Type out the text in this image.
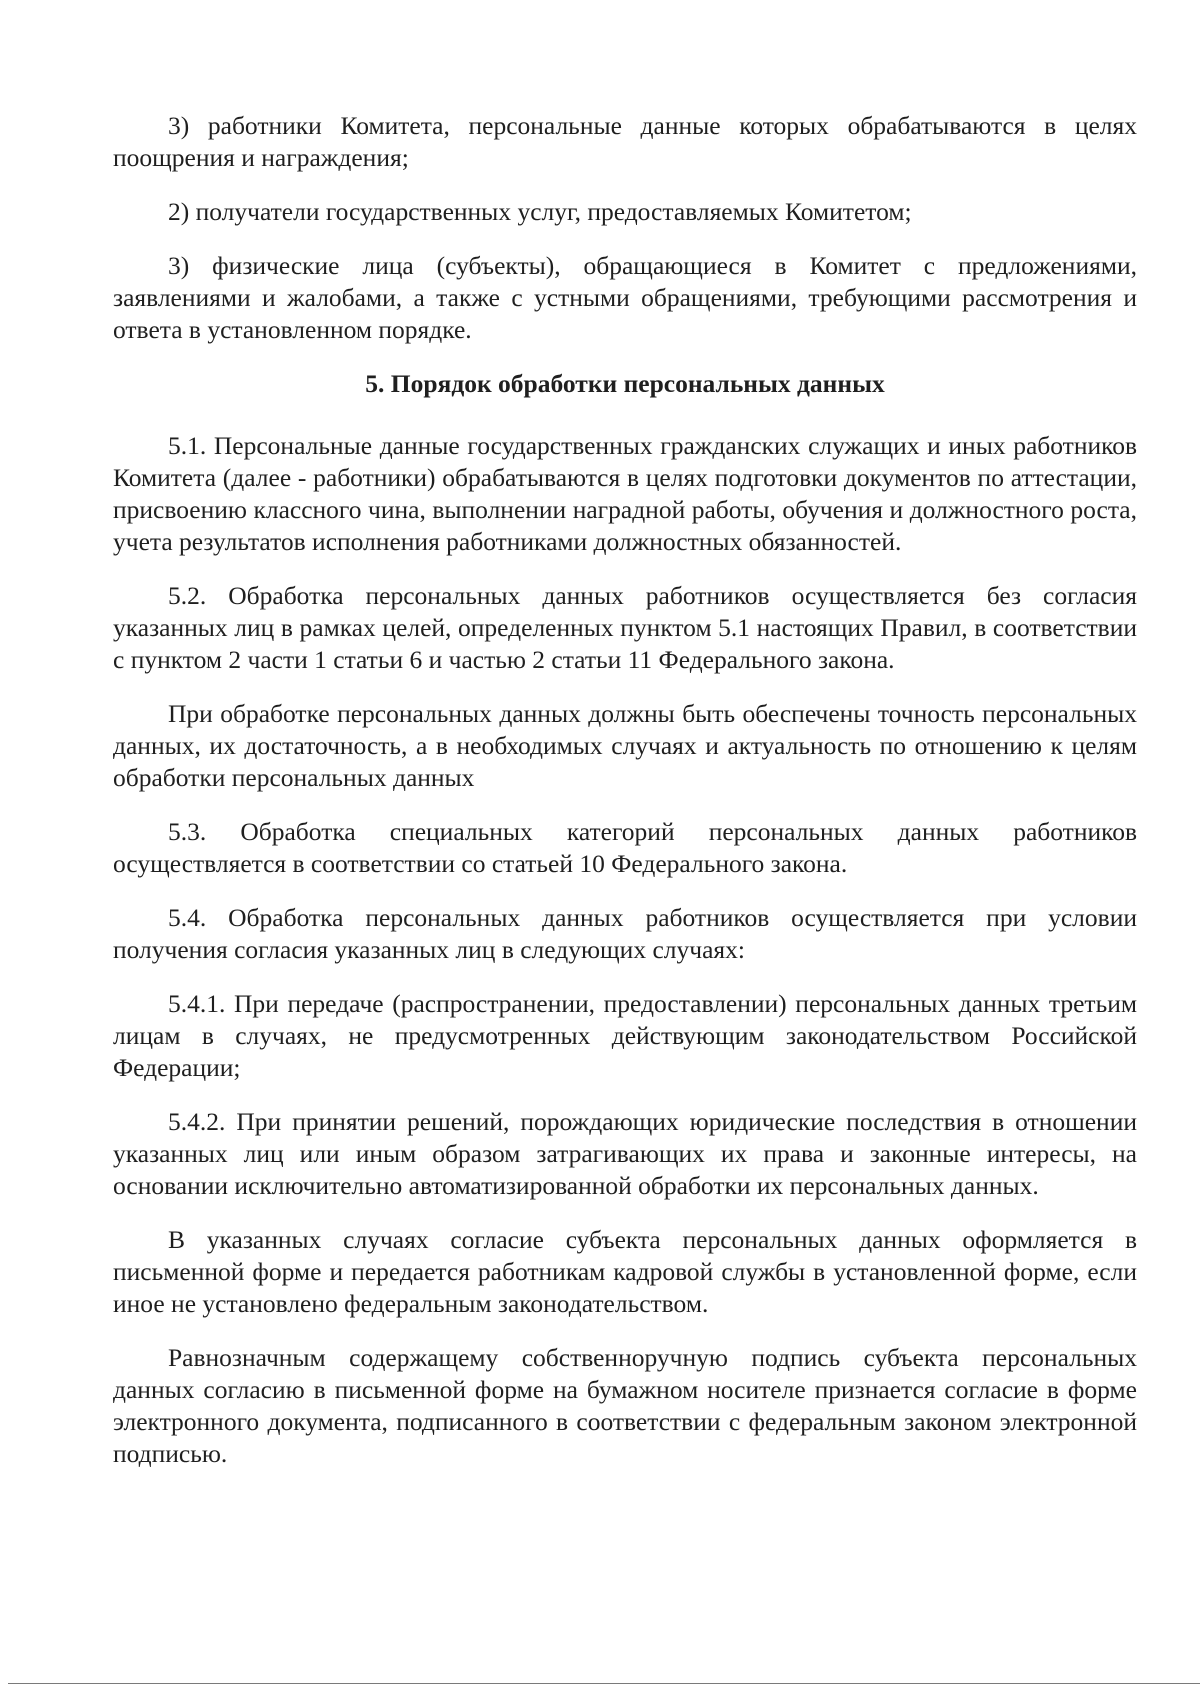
3) работники Комитета, персональные данные которых обрабатываются в целях поощрения и награждения;

2) получатели государственных услуг, предоставляемых Комитетом;

3) физические лица (субъекты), обращающиеся в Комитет с предложениями, заявлениями и жалобами, а также с устными обращениями, требующими рассмотрения и ответа в установленном порядке.

5. Порядок обработки персональных данных

5.1. Персональные данные государственных гражданских служащих и иных работников Комитета (далее - работники) обрабатываются в целях подготовки документов по аттестации, присвоению классного чина, выполнении наградной работы, обучения и должностного роста, учета результатов исполнения работниками должностных обязанностей.

5.2. Обработка персональных данных работников осуществляется без согласия указанных лиц в рамках целей, определенных пунктом 5.1 настоящих Правил, в соответствии с пунктом 2 части 1 статьи 6 и частью 2 статьи 11 Федерального закона.

При обработке персональных данных должны быть обеспечены точность персональных данных, их достаточность, а в необходимых случаях и актуальность по отношению к целям обработки персональных данных

5.3. Обработка специальных категорий персональных данных работников осуществляется в соответствии со статьей 10 Федерального закона.

5.4. Обработка персональных данных работников осуществляется при условии получения согласия указанных лиц в следующих случаях:

5.4.1. При передаче (распространении, предоставлении) персональных данных третьим лицам в случаях, не предусмотренных действующим законодательством Российской Федерации;

5.4.2. При принятии решений, порождающих юридические последствия в отношении указанных лиц или иным образом затрагивающих их права и законные интересы, на основании исключительно автоматизированной обработки их персональных данных.

В указанных случаях согласие субъекта персональных данных оформляется в письменной форме и передается работникам кадровой службы в установленной форме, если иное не установлено федеральным законодательством.

Равнозначным содержащему собственноручную подпись субъекта персональных данных согласию в письменной форме на бумажном носителе признается согласие в форме электронного документа, подписанного в соответствии с федеральным законом электронной подписью.
